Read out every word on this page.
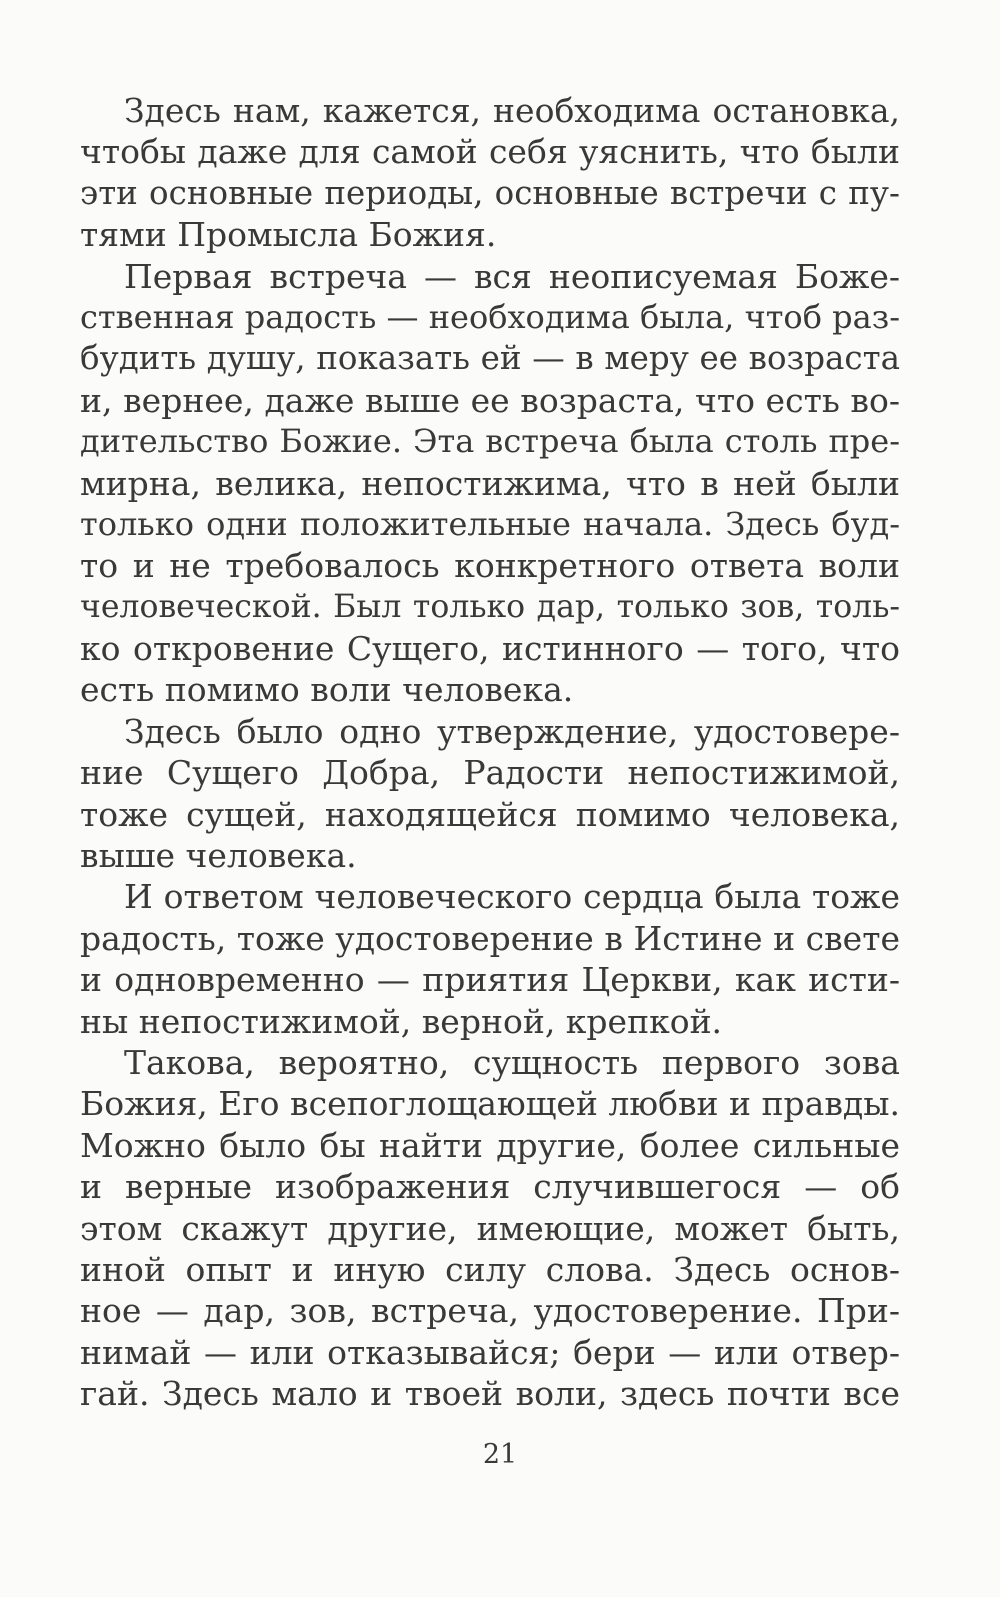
Здесь нам, кажется, необходима остановка,
чтобы даже для самой себя уяснить, что были
эти основные периоды, основные встречи с пу-
тями Промысла Божия.
Первая встреча — вся неописуемая Боже-
ственная радость — необходима была, чтоб раз-
будить душу, показать ей — в меру ее возраста
и, вернее, даже выше ее возраста, что есть во-
дительство Божие. Эта встреча была столь пре-
мирна, велика, непостижима, что в ней были
только одни положительные начала. Здесь буд-
то и не требовалось конкретного ответа воли
человеческой. Был только дар, только зов, толь-
ко откровение Сущего, истинного — того, что
есть помимо воли человека.
Здесь было одно утверждение, удостовере-
ние Сущего Добра, Радости непостижимой,
тоже сущей, находящейся помимо человека,
выше человека.
И ответом человеческого сердца была тоже
радость, тоже удостоверение в Истине и свете
и одновременно — приятия Церкви, как исти-
ны непостижимой, верной, крепкой.
Такова, вероятно, сущность первого зова
Божия, Его всепоглощающей любви и правды.
Можно было бы найти другие, более сильные
и верные изображения случившегося — об
этом скажут другие, имеющие, может быть,
иной опыт и иную силу слова. Здесь основ-
ное — дар, зов, встреча, удостоверение. При-
нимай — или отказывайся; бери — или отвер-
гай. Здесь мало и твоей воли, здесь почти все
21
